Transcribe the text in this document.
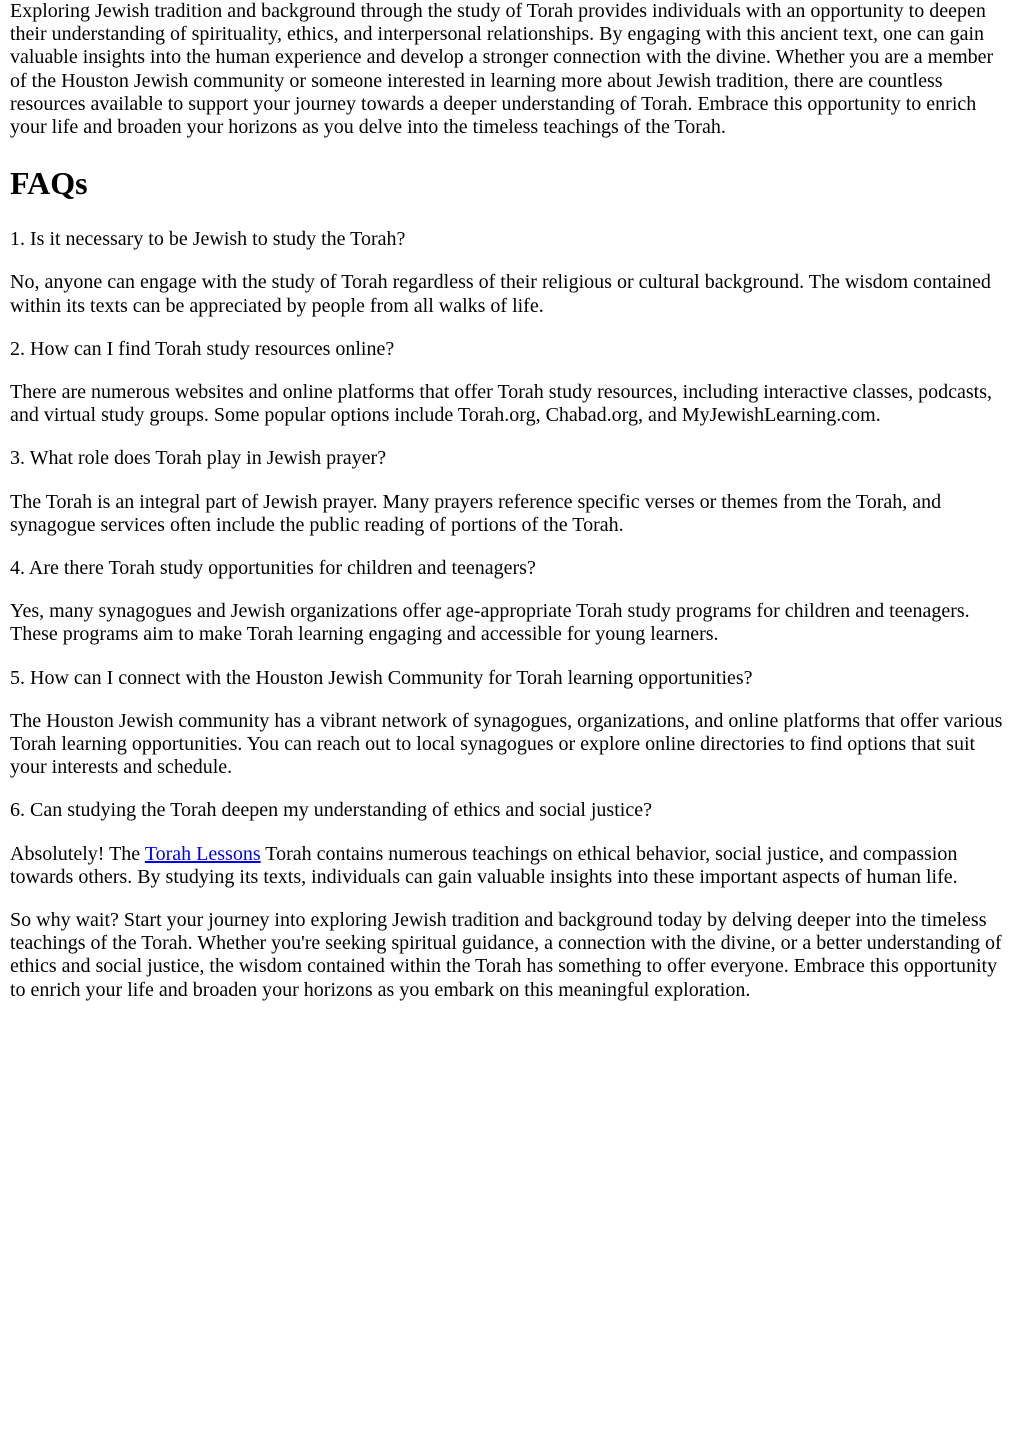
Exploring Jewish tradition and background through the study of Torah provides individuals with an opportunity to deepen their understanding of spirituality, ethics, and interpersonal relationships. By engaging with this ancient text, one can gain valuable insights into the human experience and develop a stronger connection with the divine. Whether you are a member of the Houston Jewish community or someone interested in learning more about Jewish tradition, there are countless resources available to support your journey towards a deeper understanding of Torah. Embrace this opportunity to enrich your life and broaden your horizons as you delve into the timeless teachings of the Torah.

FAQs

1. Is it necessary to be Jewish to study the Torah?

No, anyone can engage with the study of Torah regardless of their religious or cultural background. The wisdom contained within its texts can be appreciated by people from all walks of life.

2. How can I find Torah study resources online?

There are numerous websites and online platforms that offer Torah study resources, including interactive classes, podcasts, and virtual study groups. Some popular options include Torah.org, Chabad.org, and MyJewishLearning.com.

3. What role does Torah play in Jewish prayer?

The Torah is an integral part of Jewish prayer. Many prayers reference specific verses or themes from the Torah, and synagogue services often include the public reading of portions of the Torah.

4. Are there Torah study opportunities for children and teenagers?

Yes, many synagogues and Jewish organizations offer age-appropriate Torah study programs for children and teenagers. These programs aim to make Torah learning engaging and accessible for young learners.

5. How can I connect with the Houston Jewish Community for Torah learning opportunities?

The Houston Jewish community has a vibrant network of synagogues, organizations, and online platforms that offer various Torah learning opportunities. You can reach out to local synagogues or explore online directories to find options that suit your interests and schedule.

6. Can studying the Torah deepen my understanding of ethics and social justice?

Absolutely! The Torah Lessons Torah contains numerous teachings on ethical behavior, social justice, and compassion towards others. By studying its texts, individuals can gain valuable insights into these important aspects of human life.

So why wait? Start your journey into exploring Jewish tradition and background today by delving deeper into the timeless teachings of the Torah. Whether you're seeking spiritual guidance, a connection with the divine, or a better understanding of ethics and social justice, the wisdom contained within the Torah has something to offer everyone. Embrace this opportunity to enrich your life and broaden your horizons as you embark on this meaningful exploration.
